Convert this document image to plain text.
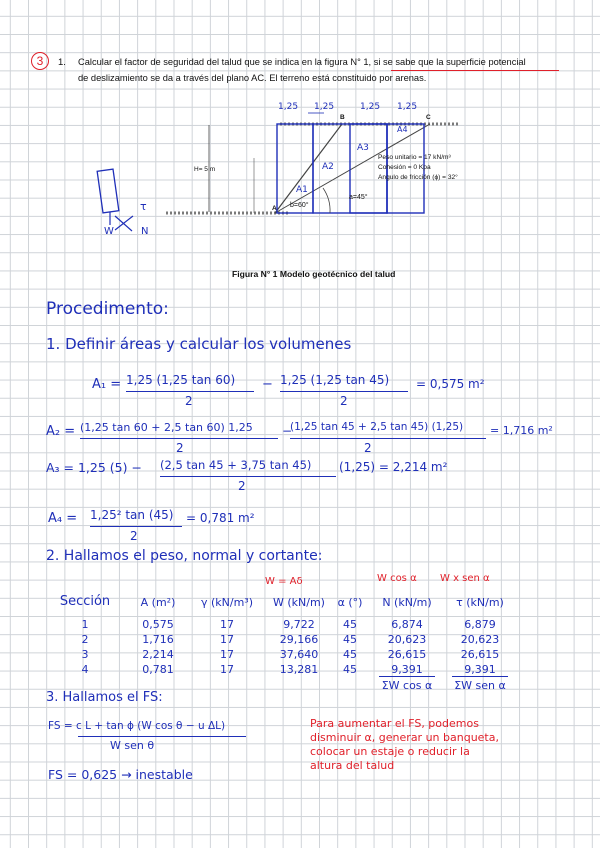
3	1. Calcular el factor de seguridad del talud que se indica en la figura N° 1, si se sabe que la superficie potencial
de deslizamiento se da a través del plano AC. El terreno está constituido por arenas.
1,25 1,25	1,25 1,25
B	C
A
H= 5 m
b=60°
a=45°
A1
A2
A3
A4
Peso unitario = 17 kN/m³
Cohesión = 0 Kpa
Angulo de fricción (ϕ) = 32°
W	N
τ
Figura N° 1 Modelo geotécnico del talud
Procedimento:
1. Definir áreas y calcular los volumenes
A₁ = 1,25 (1,25 tan 60)
2
− 1,25 (1,25 tan 45)
2
= 0,575 m²
A₂ = (1,25 tan 60 + 2,5 tan 60) 1,25
2
−
(1,25 tan 45 + 2,5 tan 45) (1,25)
2
= 1,716 m²
A₃ = 1,25 (5) − (2,5 tan 45 + 3,75 tan 45)
2
(1,25) = 2,214 m²
A₄ = 1,25² tan (45)
2
= 0,781 m²
2. Hallamos el peso, normal y cortante:
W = Aδ	W cos α W x sen α
Sección	A (m²)	γ (kN/m³)	W (kN/m)	α (°)	N (kN/m)	τ (kN/m)
1	0,575	17	9,722	45	6,874	6,879
2	1,716	17	29,166	45	20,623	20,623
3	2,214	17	37,640	45	26,615	26,615
4	0,781	17	13,281	45	9,391	9,391
ΣW cos α	ΣW sen α
3. Hallamos el FS:
FS = c L + tan ϕ (W cos θ − u ΔL)
W sen θ
FS = 0,625 → inestable
Para aumentar el FS, podemos
disminuir α, generar un banqueta,
colocar un estaje o reducir la
altura del talud
